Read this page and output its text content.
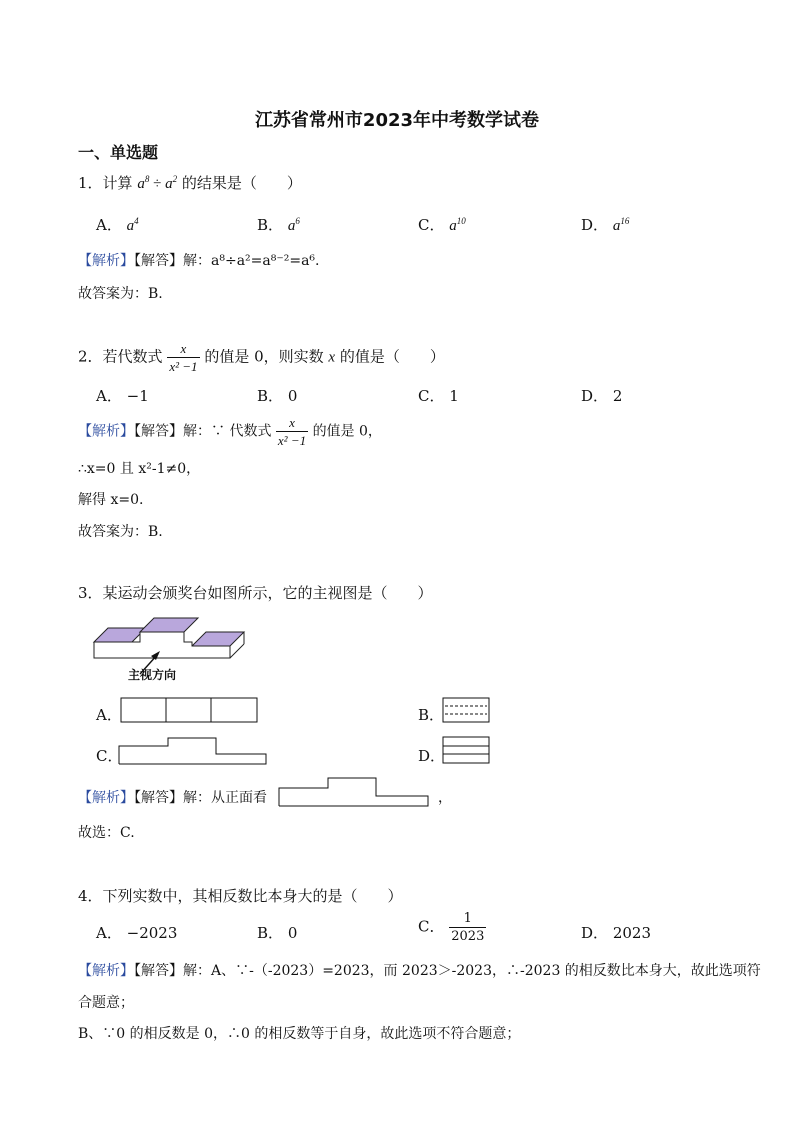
江苏省常州市2023年中考数学试卷
一、单选题
1．计算 $a^8 \div a^2$ 的结果是（　　）
A． $a^4$	B． $a^6$	C． $a^{10}$	D． $a^{16}$
【解析】【解答】解：a⁸÷a²=a⁸⁻²=a⁶.
故答案为：B.
2．若代数式 $\frac{x}{\text{x² −1}}$ 的值是 0，则实数 x 的值是（　　）
A． −1	B． 0	C． 1	D． 2
【解析】【解答】解：∵ 代数式 $\frac{x}{\text{x² −1}}$ 的值是 0，
∴x=0 且 x²-1≠0，
解得 x=0.
故答案为：B.
3．某运动会颁奖台如图所示，它的主视图是（　　）
主视方向
A．	B．
C．	D．
【解析】【解答】解：从正面看	，
故选：C.
4．下列实数中，其相反数比本身大的是（　　）
A． −2023	B． 0	C． $\frac{1}{2023}$	D． 2023
【解析】【解答】解：A、∵-（-2023）=2023，而 2023＞-2023，∴-2023 的相反数比本身大，故此选项符
合题意；
B、∵0 的相反数是 0，∴0 的相反数等于自身，故此选项不符合题意；
